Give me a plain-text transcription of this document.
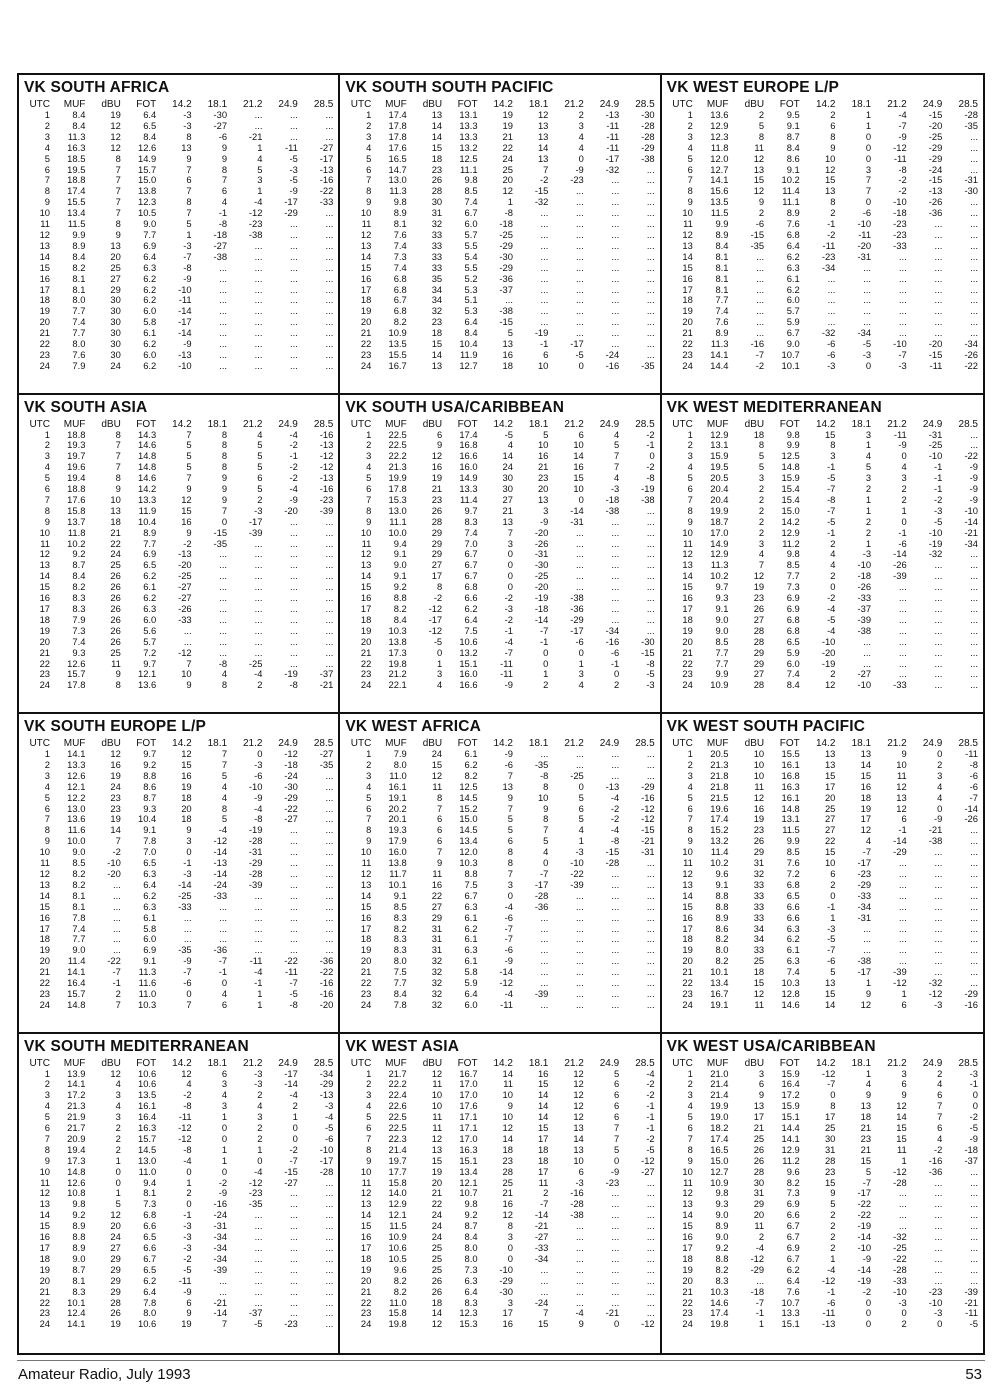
VK SOUTH AFRICA
UTC	MUF	dBU	FOT	14.2	18.1	21.2	24.9	28.5
1	8.4	19	6.4	-3	-30	...	...	...
2	8.4	12	6.5	-3	-27	...	...	...
3	11.3	12	8.4	8	-6	-21	...	...
4	16.3	12	12.6	13	9	1	-11	-27
5	18.5	8	14.9	9	9	4	-5	-17
6	19.5	7	15.7	7	8	5	-3	-13
7	18.8	7	15.0	6	7	3	-5	-16
8	17.4	7	13.8	7	6	1	-9	-22
9	15.5	7	12.3	8	4	-4	-17	-33
10	13.4	7	10.5	7	-1	-12	-29	...
11	11.5	8	9.0	5	-8	-23	...	...
12	9.9	9	7.7	1	-18	-38	...	...
13	8.9	13	6.9	-3	-27	...	...	...
14	8.4	20	6.4	-7	-38	...	...	...
15	8.2	25	6.3	-8	...	...	...	...
16	8.1	27	6.2	-9	...	...	...	...
17	8.1	29	6.2	-10	...	...	...	...
18	8.0	30	6.2	-11	...	...	...	...
19	7.7	30	6.0	-14	...	...	...	...
20	7.4	30	5.8	-17	...	...	...	...
21	7.7	30	6.1	-14	...	...	...	...
22	8.0	30	6.2	-9	...	...	...	...
23	7.6	30	6.0	-13	...	...	...	...
24	7.9	24	6.2	-10	...	...	...	...
VK SOUTH SOUTH PACIFIC
UTC	MUF	dBU	FOT	14.2	18.1	21.2	24.9	28.5
1	17.4	13	13.1	19	12	2	-13	-30
2	17.8	14	13.3	19	13	3	-11	-28
3	17.8	14	13.3	21	13	4	-11	-28
4	17.6	15	13.2	22	14	4	-11	-29
5	16.5	18	12.5	24	13	0	-17	-38
6	14.7	23	11.1	25	7	-9	-32	...
7	13.0	26	9.8	20	-2	-23	...	...
8	11.3	28	8.5	12	-15	...	...	...
9	9.8	30	7.4	1	-32	...	...	...
10	8.9	31	6.7	-8	...	...	...	...
11	8.1	32	6.0	-18	...	...	...	...
12	7.6	33	5.7	-25	...	...	...	...
13	7.4	33	5.5	-29	...	...	...	...
14	7.3	33	5.4	-30	...	...	...	...
15	7.4	33	5.5	-29	...	...	...	...
16	6.8	35	5.2	-36	...	...	...	...
17	6.8	34	5.3	-37	...	...	...	...
18	6.7	34	5.1	...	...	...	...	...
19	6.8	32	5.3	-38	...	...	...	...
20	8.2	23	6.4	-15	...	...	...	...
21	10.9	18	8.4	5	-19	...	...	...
22	13.5	15	10.4	13	-1	-17	...	...
23	15.5	14	11.9	16	6	-5	-24	...
24	16.7	13	12.7	18	10	0	-16	-35
VK WEST EUROPE L/P
UTC	MUF	dBU	FOT	14.2	18.1	21.2	24.9	28.5
1	13.6	2	9.5	2	1	-4	-15	-28
2	12.9	5	9.1	6	1	-7	-20	-35
3	12.3	8	8.7	8	0	-9	-25	...
4	11.8	11	8.4	9	0	-12	-29	...
5	12.0	12	8.6	10	0	-11	-29	...
6	12.7	13	9.1	12	3	-8	-24	...
7	14.1	15	10.2	15	7	-2	-15	-31
8	15.6	12	11.4	13	7	-2	-13	-30
9	13.5	9	11.1	8	0	-10	-26	...
10	11.5	2	8.9	2	-6	-18	-36	...
11	9.9	-6	7.6	-1	-10	-23	...	...
12	8.9	-15	6.8	-2	-11	-23	...	...
13	8.4	-35	6.4	-11	-20	-33	...	...
14	8.1	...	6.2	-23	-31	...	...	...
15	8.1	...	6.3	-34	...	...	...	...
16	8.1	...	6.1	...	...	...	...	...
17	8.1	...	6.2	...	...	...	...	...
18	7.7	...	6.0	...	...	...	...	...
19	7.4	...	5.7	...	...	...	...	...
20	7.6	...	5.9	...	...	...	...	...
21	8.9	...	6.7	-32	-34	...	...	...
22	11.3	-16	9.0	-6	-5	-10	-20	-34
23	14.1	-7	10.7	-6	-3	-7	-15	-26
24	14.4	-2	10.1	-3	0	-3	-11	-22
VK SOUTH ASIA
UTC	MUF	dBU	FOT	14.2	18.1	21.2	24.9	28.5
1	18.8	8	14.3	7	8	4	-4	-16
2	19.3	7	14.6	5	8	5	-2	-13
3	19.7	7	14.8	5	8	5	-1	-12
4	19.6	7	14.8	5	8	5	-2	-12
5	19.4	8	14.6	7	9	6	-2	-13
6	18.8	9	14.2	9	9	5	-4	-16
7	17.6	10	13.3	12	9	2	-9	-23
8	15.8	13	11.9	15	7	-3	-20	-39
9	13.7	18	10.4	16	0	-17	...	...
10	11.8	21	8.9	9	-15	-39	...	...
11	10.2	22	7.7	-2	-35	...	...	...
12	9.2	24	6.9	-13	...	...	...	...
13	8.7	25	6.5	-20	...	...	...	...
14	8.4	26	6.2	-25	...	...	...	...
15	8.2	26	6.1	-27	...	...	...	...
16	8.3	26	6.2	-27	...	...	...	...
17	8.3	26	6.3	-26	...	...	...	...
18	7.9	26	6.0	-33	...	...	...	...
19	7.3	26	5.6	...	...	...	...	...
20	7.4	26	5.7	...	...	...	...	...
21	9.3	25	7.2	-12	...	...	...	...
22	12.6	11	9.7	7	-8	-25	...	...
23	15.7	9	12.1	10	4	-4	-19	-37
24	17.8	8	13.6	9	8	2	-8	-21
VK SOUTH USA/CARIBBEAN
UTC	MUF	dBU	FOT	14.2	18.1	21.2	24.9	28.5
1	22.5	6	17.4	-5	5	6	4	-2
2	22.5	9	16.8	4	10	10	5	-1
3	22.2	12	16.6	14	16	14	7	0
4	21.3	16	16.0	24	21	16	7	-2
5	19.9	19	14.9	30	23	15	4	-8
6	17.8	21	13.3	30	20	10	-3	-19
7	15.3	23	11.4	27	13	0	-18	-38
8	13.0	26	9.7	21	3	-14	-38	...
9	11.1	28	8.3	13	-9	-31	...	...
10	10.0	29	7.4	7	-20	...	...	...
11	9.4	29	7.0	3	-26	...	...	...
12	9.1	29	6.7	0	-31	...	...	...
13	9.0	27	6.7	0	-30	...	...	...
14	9.1	17	6.7	0	-25	...	...	...
15	9.2	8	6.8	0	-20	...	...	...
16	8.8	-2	6.6	-2	-19	-38	...	...
17	8.2	-12	6.2	-3	-18	-36	...	...
18	8.4	-17	6.4	-2	-14	-29	...	...
19	10.3	-12	7.5	-1	-7	-17	-34	...
20	13.8	-5	10.6	-4	-1	-6	-16	-30
21	17.3	0	13.2	-7	0	0	-6	-15
22	19.8	1	15.1	-11	0	1	-1	-8
23	21.2	3	16.0	-11	1	3	0	-5
24	22.1	4	16.6	-9	2	4	2	-3
VK WEST MEDITERRANEAN
UTC	MUF	dBU	FOT	14.2	18.1	21.2	24.9	28.5
1	12.9	18	9.8	15	3	-11	-31	...
2	13.1	8	9.9	8	1	-9	-25	...
3	15.9	5	12.5	3	4	0	-10	-22
4	19.5	5	14.8	-1	5	4	-1	-9
5	20.5	3	15.9	-5	3	3	-1	-9
6	20.4	2	15.4	-7	2	2	-1	-9
7	20.4	2	15.4	-8	1	2	-2	-9
8	19.9	2	15.0	-7	1	1	-3	-10
9	18.7	2	14.2	-5	2	0	-5	-14
10	17.0	2	12.9	-1	2	-1	-10	-21
11	14.9	3	11.2	2	1	-6	-19	-34
12	12.9	4	9.8	4	-3	-14	-32	...
13	11.3	7	8.5	4	-10	-26	...	...
14	10.2	12	7.7	2	-18	-39	...	...
15	9.7	19	7.3	0	-26	...	...	...
16	9.3	23	6.9	-2	-33	...	...	...
17	9.1	26	6.9	-4	-37	...	...	...
18	9.0	27	6.8	-5	-39	...	...	...
19	9.0	28	6.8	-4	-38	...	...	...
20	8.5	28	6.5	-10	...	...	...	...
21	7.7	29	5.9	-20	...	...	...	...
22	7.7	29	6.0	-19	...	...	...	...
23	9.9	27	7.4	2	-27	...	...	...
24	10.9	28	8.4	12	-10	-33	...	...
VK SOUTH EUROPE L/P
UTC	MUF	dBU	FOT	14.2	18.1	21.2	24.9	28.5
1	14.1	12	9.7	12	7	0	-12	-27
2	13.3	16	9.2	15	7	-3	-18	-35
3	12.6	19	8.8	16	5	-6	-24	...
4	12.1	24	8.6	19	4	-10	-30	...
5	12.2	23	8.7	18	4	-9	-29	...
6	13.0	23	9.3	20	8	-4	-22	...
7	13.6	19	10.4	18	5	-8	-27	...
8	11.6	14	9.1	9	-4	-19	...	...
9	10.0	7	7.8	3	-12	-28	...	...
10	9.0	-2	7.0	0	-14	-31	...	...
11	8.5	-10	6.5	-1	-13	-29	...	...
12	8.2	-20	6.3	-3	-14	-28	...	...
13	8.2	...	6.4	-14	-24	-39	...	...
14	8.1	...	6.2	-25	-33	...	...	...
15	8.1	...	6.3	-33	...	...	...	...
16	7.8	...	6.1	...	...	...	...	...
17	7.4	...	5.8	...	...	...	...	...
18	7.7	...	6.0	...	...	...	...	...
19	9.0	...	6.9	-35	-36	...	...	...
20	11.4	-22	9.1	-9	-7	-11	-22	-36
21	14.1	-7	11.3	-7	-1	-4	-11	-22
22	16.4	-1	11.6	-6	0	-1	-7	-16
23	15.7	2	11.0	0	4	1	-5	-16
24	14.8	7	10.3	7	6	1	-8	-20
VK WEST AFRICA
UTC	MUF	dBU	FOT	14.2	18.1	21.2	24.9	28.5
1	7.9	24	6.1	-9	...	...	...	...
2	8.0	15	6.2	-6	-35	...	...	...
3	11.0	12	8.2	7	-8	-25	...	...
4	16.1	11	12.5	13	8	0	-13	-29
5	19.1	8	14.5	9	10	5	-4	-16
6	20.2	7	15.2	7	9	6	-2	-12
7	20.1	6	15.0	5	8	5	-2	-12
8	19.3	6	14.5	5	7	4	-4	-15
9	17.9	6	13.4	6	5	1	-8	-21
10	16.0	7	12.0	8	4	-3	-15	-31
11	13.8	9	10.3	8	0	-10	-28	...
12	11.7	11	8.8	7	-7	-22	...	...
13	10.1	16	7.5	3	-17	-39	...	...
14	9.1	22	6.7	0	-28	...	...	...
15	8.5	27	6.3	-4	-36	...	...	...
16	8.3	29	6.1	-6	...	...	...	...
17	8.2	31	6.2	-7	...	...	...	...
18	8.3	31	6.1	-7	...	...	...	...
19	8.3	31	6.3	-6	...	...	...	...
20	8.0	32	6.1	-9	...	...	...	...
21	7.5	32	5.8	-14	...	...	...	...
22	7.7	32	5.9	-12	...	...	...	...
23	8.4	32	6.4	-4	-39	...	...	...
24	7.8	32	6.0	-11	...	...	...	...
VK WEST SOUTH PACIFIC
UTC	MUF	dBU	FOT	14.2	18.1	21.2	24.9	28.5
1	20.5	10	15.5	13	13	9	0	-11
2	21.3	10	16.1	13	14	10	2	-8
3	21.8	10	16.8	15	15	11	3	-6
4	21.8	11	16.3	17	16	12	4	-6
5	21.5	12	16.1	20	18	13	4	-7
6	19.6	16	14.8	25	19	12	0	-14
7	17.4	19	13.1	27	17	6	-9	-26
8	15.2	23	11.5	27	12	-1	-21	...
9	13.2	26	9.9	22	4	-14	-38	...
10	11.4	29	8.5	15	-7	-29	...	...
11	10.2	31	7.6	10	-17	...	...	...
12	9.6	32	7.2	6	-23	...	...	...
13	9.1	33	6.8	2	-29	...	...	...
14	8.8	33	6.5	0	-33	...	...	...
15	8.8	33	6.6	-1	-34	...	...	...
16	8.9	33	6.6	1	-31	...	...	...
17	8.6	34	6.3	-3	...	...	...	...
18	8.2	34	6.2	-5	...	...	...	...
19	8.0	33	6.1	-7	...	...	...	...
20	8.2	25	6.3	-6	-38	...	...	...
21	10.1	18	7.4	5	-17	-39	...	...
22	13.4	15	10.3	13	1	-12	-32	...
23	16.7	12	12.8	15	9	1	-12	-29
24	19.1	11	14.6	14	12	6	-3	-16
VK SOUTH MEDITERRANEAN
UTC	MUF	dBU	FOT	14.2	18.1	21.2	24.9	28.5
1	13.9	12	10.6	12	6	-3	-17	-34
2	14.1	4	10.6	4	3	-3	-14	-29
3	17.2	3	13.5	-2	4	2	-4	-13
4	21.3	4	16.1	-8	3	4	2	-3
5	21.9	3	16.4	-11	1	3	1	-4
6	21.7	2	16.3	-12	0	2	0	-5
7	20.9	2	15.7	-12	0	2	0	-6
8	19.4	2	14.5	-8	1	1	-2	-10
9	17.3	1	13.0	-4	1	0	-7	-17
10	14.8	0	11.0	0	0	-4	-15	-28
11	12.6	0	9.4	1	-2	-12	-27	...
12	10.8	1	8.1	2	-9	-23	...	...
13	9.8	5	7.3	0	-16	-35	...	...
14	9.2	12	6.8	-1	-24	...	...	...
15	8.9	20	6.6	-3	-31	...	...	...
16	8.8	24	6.5	-3	-34	...	...	...
17	8.9	27	6.6	-3	-34	...	...	...
18	9.0	29	6.7	-2	-34	...	...	...
19	8.7	29	6.5	-5	-39	...	...	...
20	8.1	29	6.2	-11	...	...	...	...
21	8.3	29	6.4	-9	...	...	...	...
22	10.1	28	7.8	6	-21	...	...	...
23	12.4	26	8.0	9	-14	-37	...	...
24	14.1	19	10.6	19	7	-5	-23	...
VK WEST ASIA
UTC	MUF	dBU	FOT	14.2	18.1	21.2	24.9	28.5
1	21.7	12	16.7	14	16	12	5	-4
2	22.2	11	17.0	11	15	12	6	-2
3	22.4	10	17.0	10	14	12	6	-2
4	22.6	10	17.6	9	14	12	6	-1
5	22.5	11	17.1	10	14	12	6	-1
6	22.5	11	17.1	12	15	13	7	-1
7	22.3	12	17.0	14	17	14	7	-2
8	21.4	13	16.3	18	18	13	5	-5
9	19.7	15	15.1	23	18	10	0	-12
10	17.7	19	13.4	28	17	6	-9	-27
11	15.8	20	12.1	25	11	-3	-23	...
12	14.0	21	10.7	21	2	-16	...	...
13	12.9	22	9.8	16	-7	-28	...	...
14	12.1	24	9.2	12	-14	-38	...	...
15	11.5	24	8.7	8	-21	...	...	...
16	10.9	24	8.4	3	-27	...	...	...
17	10.6	25	8.0	0	-33	...	...	...
18	10.5	25	8.0	0	-34	...	...	...
19	9.6	25	7.3	-10	...	...	...	...
20	8.2	26	6.3	-29	...	...	...	...
21	8.2	26	6.4	-30	...	...	...	...
22	11.0	18	8.3	3	-24	...	...	...
23	15.8	14	12.3	17	7	-4	-21	...
24	19.8	12	15.3	16	15	9	0	-12
VK WEST USA/CARIBBEAN
UTC	MUF	dBU	FOT	14.2	18.1	21.2	24.9	28.5
1	21.0	3	15.9	-12	1	3	2	-3
2	21.4	6	16.4	-7	4	6	4	-1
3	21.4	9	17.2	0	9	9	6	0
4	19.9	13	15.9	8	13	12	7	0
5	19.0	17	15.1	17	18	14	7	-2
6	18.2	21	14.4	25	21	15	6	-5
7	17.4	25	14.1	30	23	15	4	-9
8	16.5	26	12.9	31	21	11	-2	-18
9	15.0	26	11.2	28	15	1	-16	-37
10	12.7	28	9.6	23	5	-12	-36	...
11	10.9	30	8.2	15	-7	-28	...	...
12	9.8	31	7.3	9	-17	...	...	...
13	9.3	29	6.9	5	-22	...	...	...
14	9.0	20	6.6	2	-22	...	...	...
15	8.9	11	6.7	2	-19	...	...	...
16	9.0	2	6.7	2	-14	-32	...	...
17	9.2	-4	6.9	2	-10	-25	...	...
18	8.8	-12	6.7	1	-9	-22	...	...
19	8.2	-29	6.2	-4	-14	-28	...	...
20	8.3	...	6.4	-12	-19	-33	...	...
21	10.3	-18	7.6	-1	-2	-10	-23	-39
22	14.6	-7	10.7	-6	0	-3	-10	-21
23	17.4	-1	13.3	-11	0	0	-3	-11
24	19.8	1	15.1	-13	0	2	0	-5
Amateur Radio, July 1993	53
